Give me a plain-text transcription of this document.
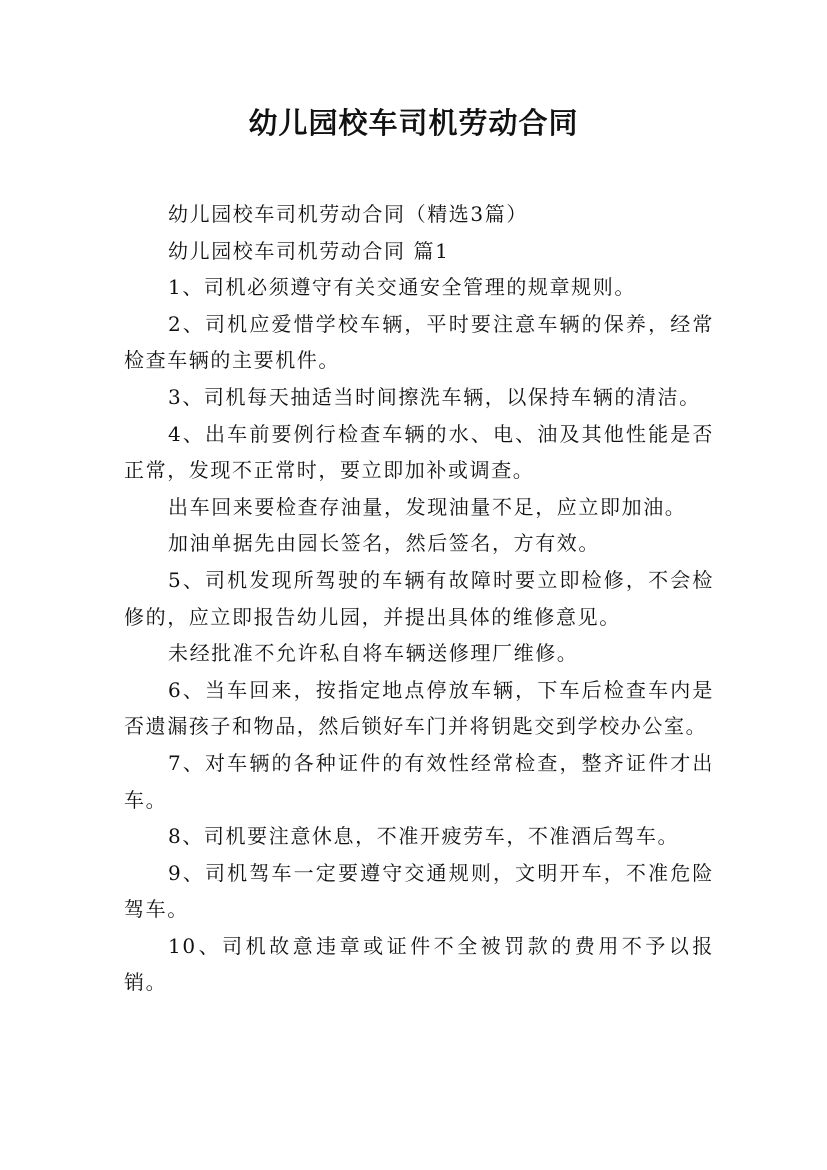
幼儿园校车司机劳动合同

幼儿园校车司机劳动合同（精选3篇）

幼儿园校车司机劳动合同 篇1

1、司机必须遵守有关交通安全管理的规章规则。

2、司机应爱惜学校车辆，平时要注意车辆的保养，经常检查车辆的主要机件。

3、司机每天抽适当时间擦洗车辆，以保持车辆的清洁。

4、出车前要例行检查车辆的水、电、油及其他性能是否正常，发现不正常时，要立即加补或调查。

出车回来要检查存油量，发现油量不足，应立即加油。

加油单据先由园长签名，然后签名，方有效。

5、司机发现所驾驶的车辆有故障时要立即检修，不会检修的，应立即报告幼儿园，并提出具体的维修意见。

未经批准不允许私自将车辆送修理厂维修。

6、当车回来，按指定地点停放车辆，下车后检查车内是否遗漏孩子和物品，然后锁好车门并将钥匙交到学校办公室。

7、对车辆的各种证件的有效性经常检查，整齐证件才出车。

8、司机要注意休息，不准开疲劳车，不准酒后驾车。

9、司机驾车一定要遵守交通规则，文明开车，不准危险驾车。

10、司机故意违章或证件不全被罚款的费用不予以报销。
